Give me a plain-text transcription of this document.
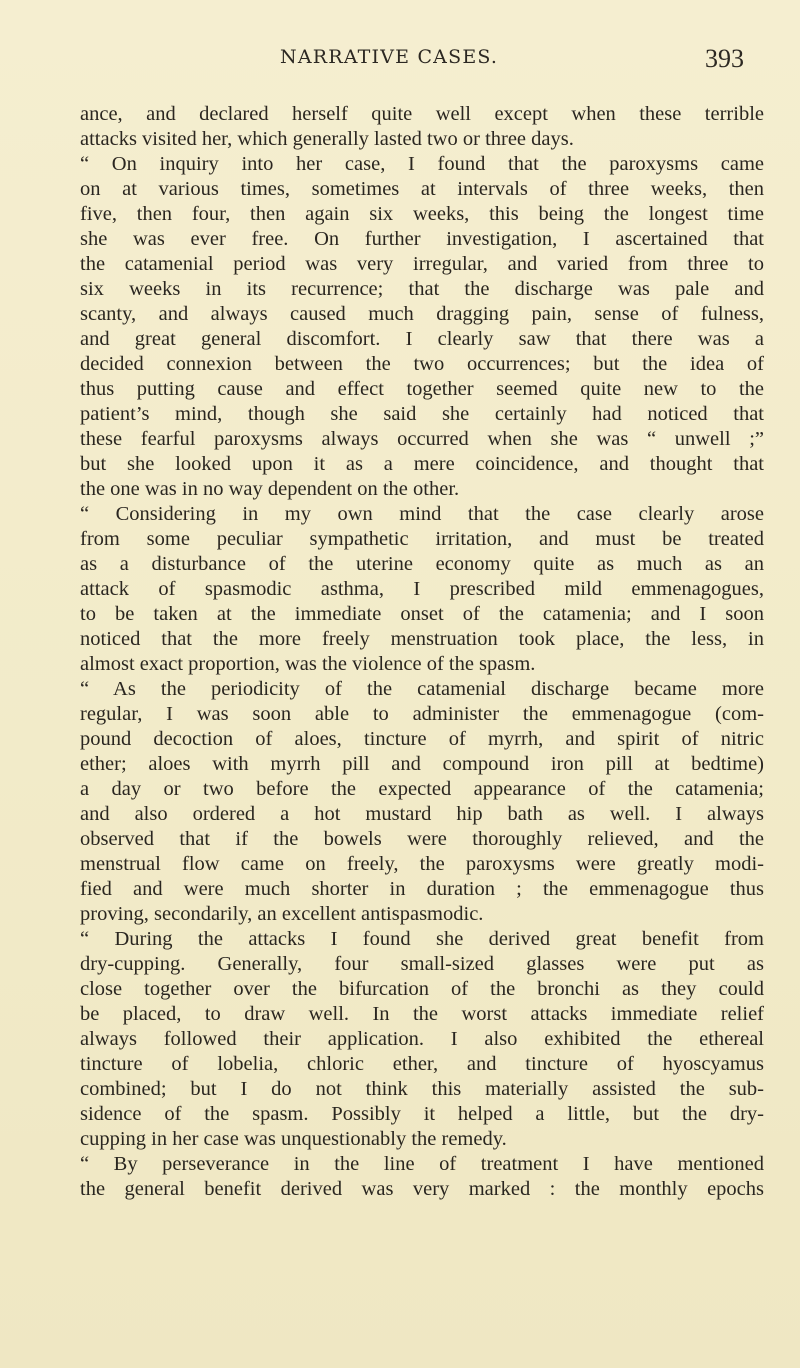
NARRATIVE CASES.	393
ance, and declared herself quite well except when these terrible
attacks visited her, which generally lasted two or three days.
“ On inquiry into her case, I found that the paroxysms came
on at various times, sometimes at intervals of three weeks, then
five, then four, then again six weeks, this being the longest time
she was ever free. On further investigation, I ascertained that
the catamenial period was very irregular, and varied from three to
six weeks in its recurrence; that the discharge was pale and
scanty, and always caused much dragging pain, sense of fulness,
and great general discomfort. I clearly saw that there was a
decided connexion between the two occurrences; but the idea of
thus putting cause and effect together seemed quite new to the
patient’s mind, though she said she certainly had noticed that
these fearful paroxysms always occurred when she was “ unwell ;”
but she looked upon it as a mere coincidence, and thought that
the one was in no way dependent on the other.
“ Considering in my own mind that the case clearly arose
from some peculiar sympathetic irritation, and must be treated
as a disturbance of the uterine economy quite as much as an
attack of spasmodic asthma, I prescribed mild emmenagogues,
to be taken at the immediate onset of the catamenia; and I soon
noticed that the more freely menstruation took place, the less, in
almost exact proportion, was the violence of the spasm.
“ As the periodicity of the catamenial discharge became more
regular, I was soon able to administer the emmenagogue (com-
pound decoction of aloes, tincture of myrrh, and spirit of nitric
ether; aloes with myrrh pill and compound iron pill at bedtime)
a day or two before the expected appearance of the catamenia;
and also ordered a hot mustard hip bath as well. I always
observed that if the bowels were thoroughly relieved, and the
menstrual flow came on freely, the paroxysms were greatly modi-
fied and were much shorter in duration ; the emmenagogue thus
proving, secondarily, an excellent antispasmodic.
“ During the attacks I found she derived great benefit from
dry-cupping. Generally, four small-sized glasses were put as
close together over the bifurcation of the bronchi as they could
be placed, to draw well. In the worst attacks immediate relief
always followed their application. I also exhibited the ethereal
tincture of lobelia, chloric ether, and tincture of hyoscyamus
combined; but I do not think this materially assisted the sub-
sidence of the spasm. Possibly it helped a little, but the dry-
cupping in her case was unquestionably the remedy.
“ By perseverance in the line of treatment I have mentioned
the general benefit derived was very marked : the monthly epochs
